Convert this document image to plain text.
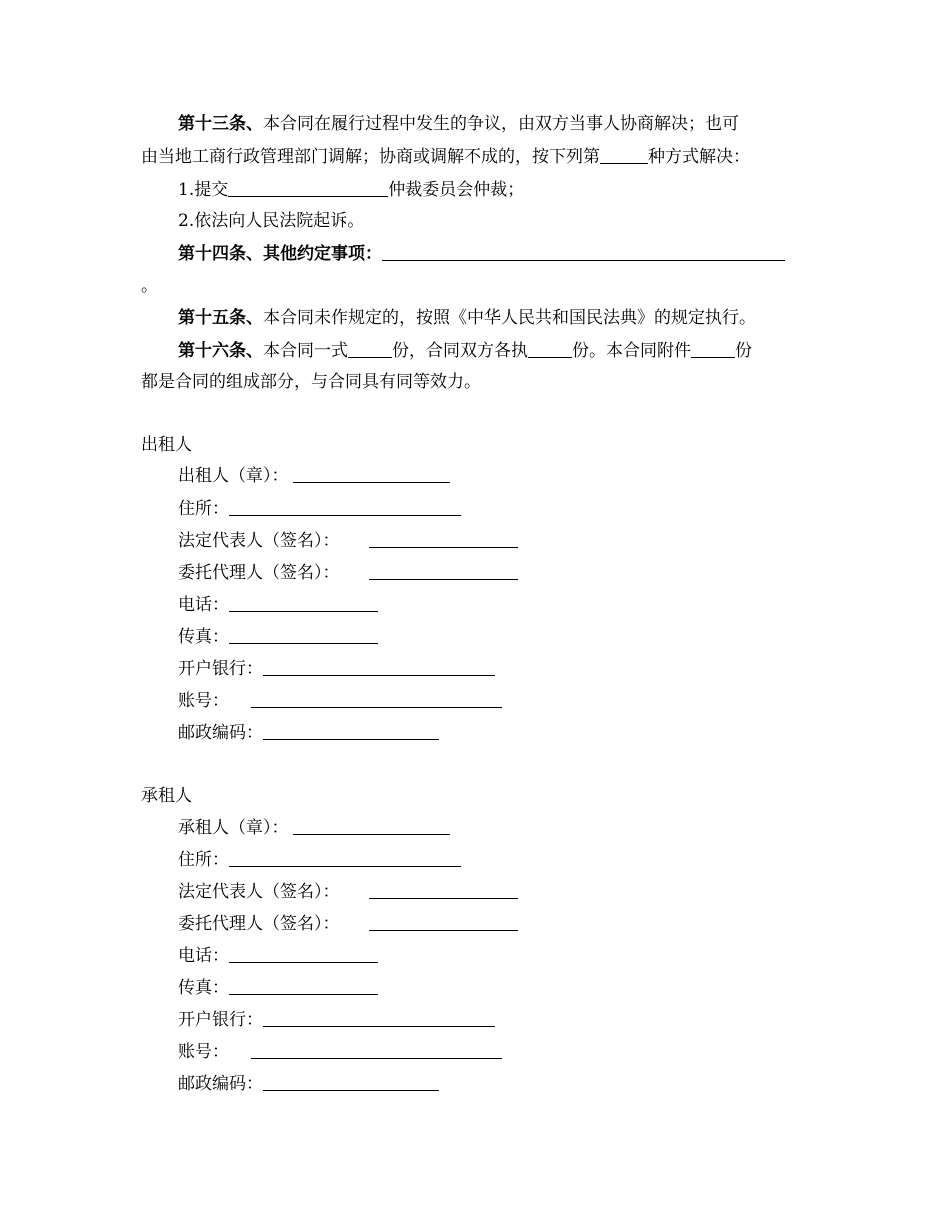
第十三条、本合同在履行过程中发生的争议，由双方当事人协商解决；也可
由当地工商行政管理部门调解；协商或调解不成的，按下列第	种方式解决：
1.提交	仲裁委员会仲裁；
2.依法向人民法院起诉。
第十四条、其他约定事项：
。
第十五条、本合同未作规定的，按照《中华人民共和国民法典》的规定执行。
第十六条、本合同一式	份，合同双方各执	份。本合同附件	份
都是合同的组成部分，与合同具有同等效力。
出租人
出租人（章）：
住所：
法定代表人（签名）：
委托代理人（签名）：
电话：
传真：
开户银行：
账号：
邮政编码：
承租人
承租人（章）：
住所：
法定代表人（签名）：
委托代理人（签名）：
电话：
传真：
开户银行：
账号：
邮政编码：
